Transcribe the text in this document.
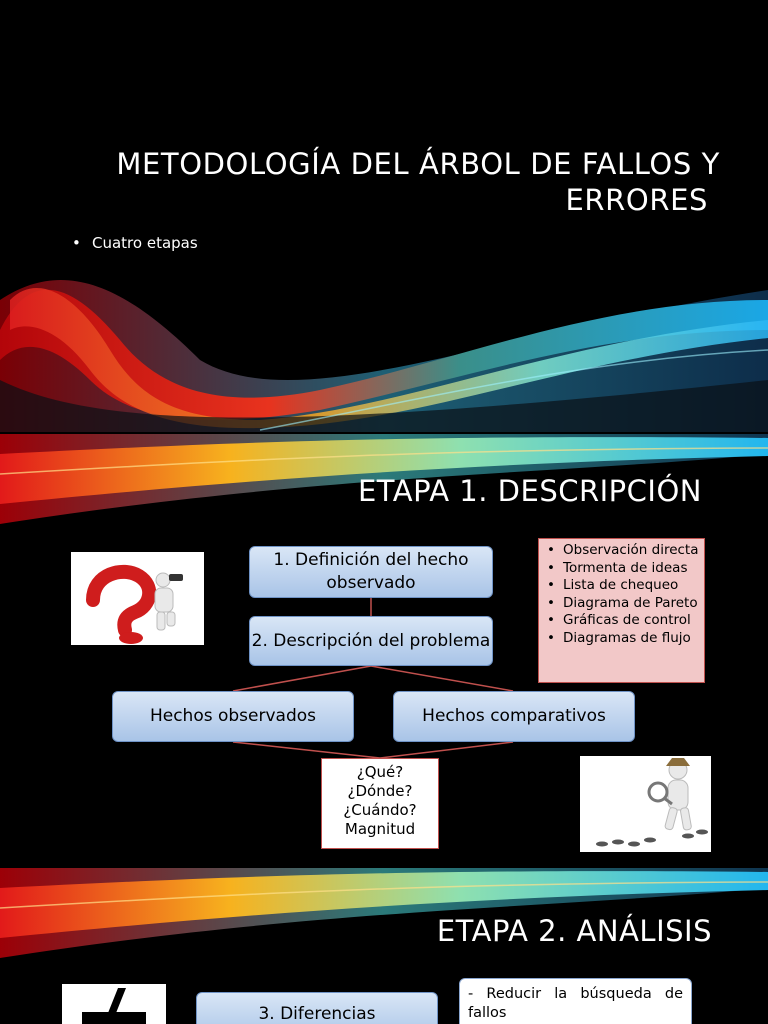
METODOLOGÍA DEL ÁRBOL DE FALLOS Y
ERRORES
• Cuatro etapas
ETAPA 1. DESCRIPCIÓN
1. Definición del hecho observado
2. Descripción del problema
• Observación directa
• Tormenta de ideas
• Lista de chequeo
• Diagrama de Pareto
• Gráficas de control
• Diagramas de flujo
Hechos observados	Hechos comparativos
¿Qué?
¿Dónde?
¿Cuándo?
Magnitud
ETAPA 2. ANÁLISIS
3. Diferencias
- Reducir la búsqueda de fallos
